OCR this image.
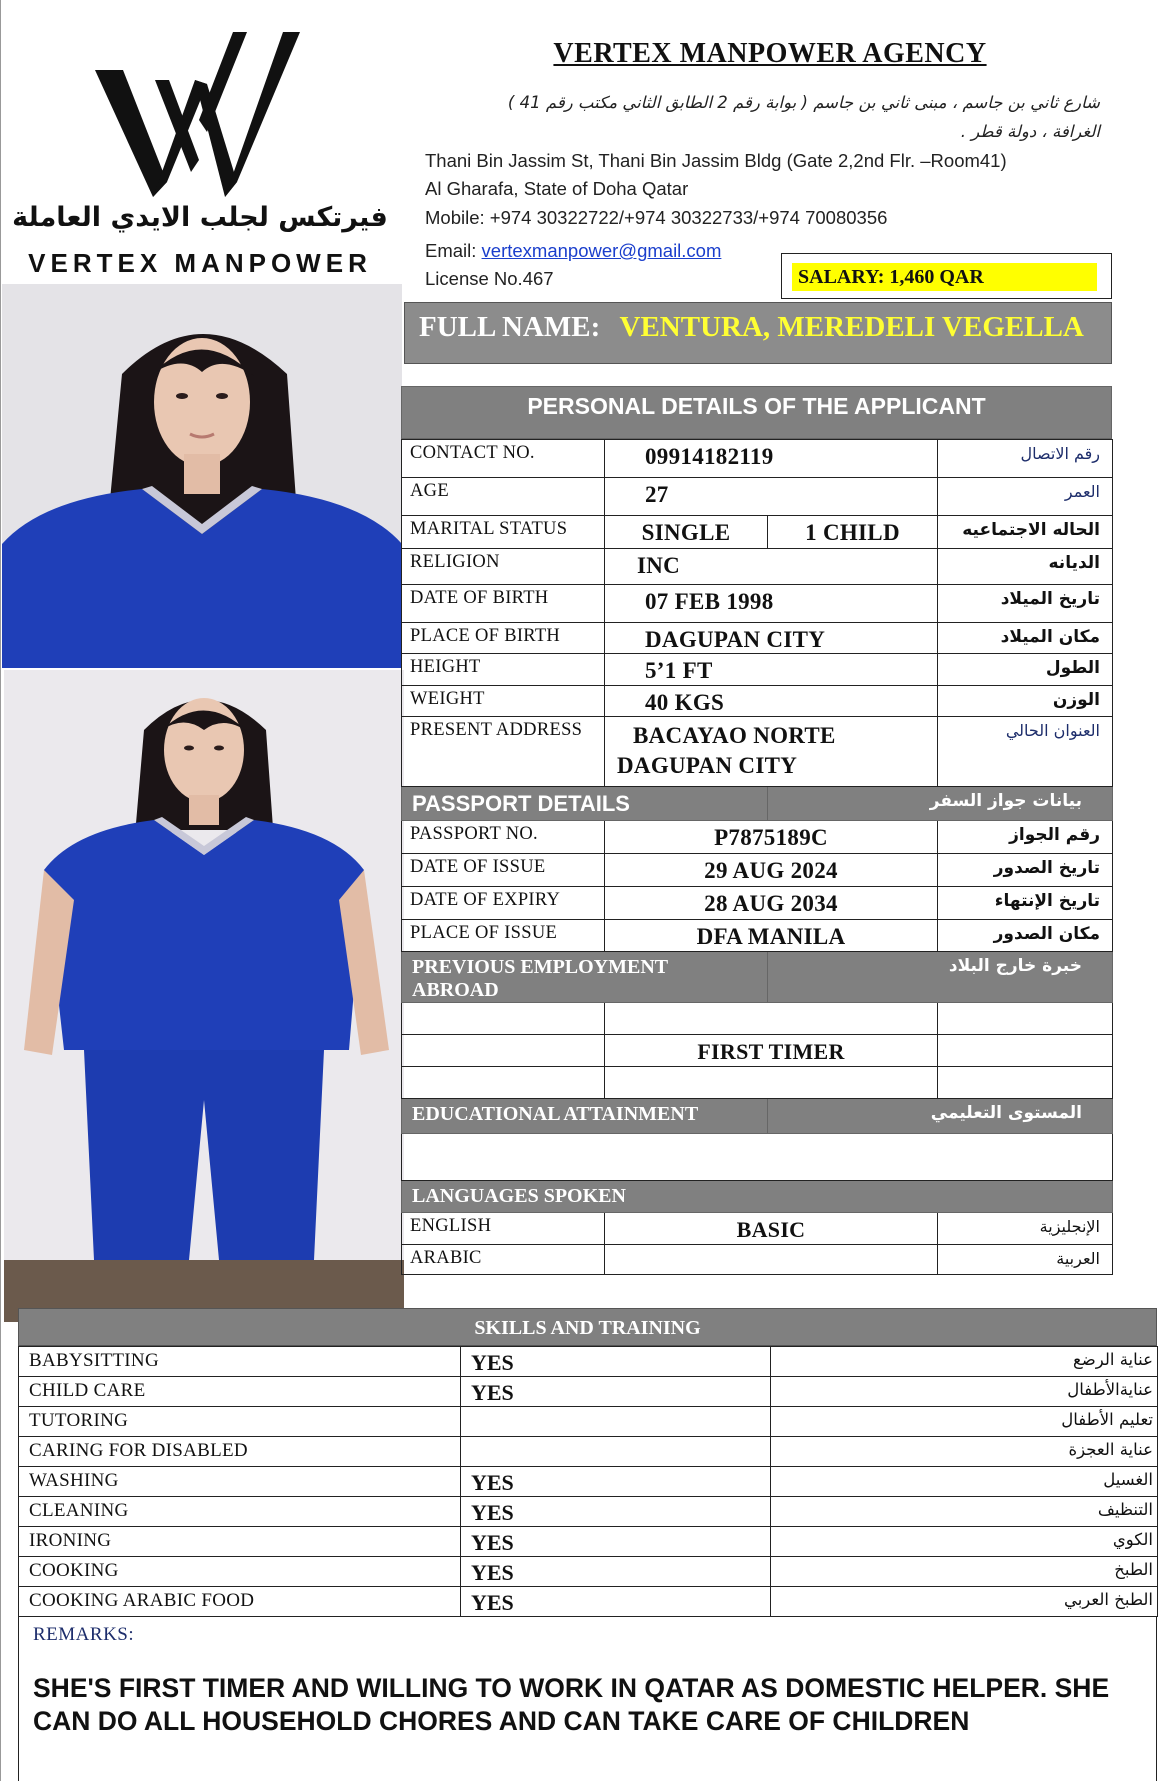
فيرتكس لجلب الايدي العاملة
VERTEX MANPOWER
VERTEX MANPOWER AGENCY
شارع ثاني بن جاسم ، مبنى ثاني بن جاسم ( بوابة رقم 2 الطابق الثاني مكتب رقم 41 )
الغرافة ، دولة قطر .
Thani Bin Jassim St, Thani Bin Jassim Bldg (Gate 2,2nd Flr. –Room41)
Al Gharafa, State of Doha Qatar
Mobile: +974 30322722/+974 30322733/+974 70080356
Email: vertexmanpower@gmail.com
License No.467	SALARY: 1,460 QAR
FULL NAME: VENTURA, MEREDELI VEGELLA
PERSONAL DETAILS OF THE APPLICANT
CONTACT NO.	09914182119		رقم الاتصال
AGE	27		العمر
MARITAL STATUS	SINGLE	1 CHILD	الحاله الاجتماعيه
RELIGION	INC		الديانه
DATE OF BIRTH	07 FEB 1998		تاريخ الميلاد
PLACE OF BIRTH	DAGUPAN CITY		مكان الميلاد
HEIGHT	5’1 FT		الطول
WEIGHT	40 KGS		الوزن
PRESENT ADDRESS	BACAYAO NORTE
DAGUPAN CITY		العنوان الحالي
PASSPORT DETAILS		بيانات جواز السفر	
PASSPORT NO.	P7875189C		رقم الجواز
DATE OF ISSUE	29 AUG 2024		تاريخ الصدور
DATE OF EXPIRY	28 AUG 2034		تاريخ الإنتهاء
PLACE OF ISSUE	DFA MANILA		مكان الصدور
PREVIOUS EMPLOYMENT ABROAD		خبرة خارج البلاد	

	FIRST TIMER		

EDUCATIONAL ATTAINMENT		المستوى التعليمي	

LANGUAGES SPOKEN			
ENGLISH	BASIC		الإنجليزية
ARABIC			العربية
SKILLS AND TRAINING
BABYSITTING	YES	عناية الرضع
CHILD CARE	YES	عنايةالأطفال
TUTORING		تعليم الأطفال
CARING FOR DISABLED		عناية العجزة
WASHING	YES	الغسيل
CLEANING	YES	التنظيف
IRONING	YES	الكوي
COOKING	YES	الطبخ
COOKING ARABIC FOOD	YES	الطبخ العربي
REMARKS:
SHE'S FIRST TIMER AND WILLING TO WORK IN QATAR AS DOMESTIC HELPER. SHE CAN DO ALL HOUSEHOLD CHORES AND CAN TAKE CARE OF CHILDREN
